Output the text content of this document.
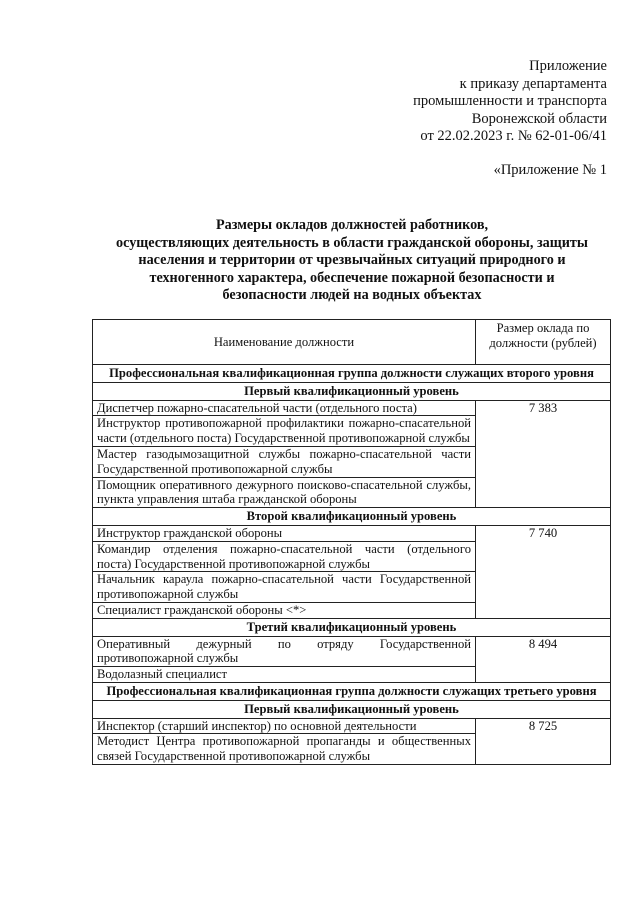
Приложение
к приказу департамента
промышленности и транспорта
Воронежской области
от 22.02.2023 г. № 62-01-06/41
«Приложение № 1
Размеры окладов должностей работников,
осуществляющих деятельность в области гражданской обороны, защиты
населения и территории от чрезвычайных ситуаций природного и
техногенного характера, обеспечение пожарной безопасности и
безопасности людей на водных объектах
Наименование должности	Размер оклада по должности (рублей)
Профессиональная квалификационная группа должности служащих второго уровня	
Первый квалификационный уровень	
Диспетчер пожарно-спасательной части (отдельного поста)	7 383
Инструктор противопожарной профилактики пожарно-спасательной части (отдельного поста) Государственной противопожарной службы	
Мастер газодымозащитной службы пожарно-спасательной части Государственной противопожарной службы	
Помощник оперативного дежурного поисково-спасательной службы, пункта управления штаба гражданской обороны	
Второй квалификационный уровень	
Инструктор гражданской обороны	7 740
Командир отделения пожарно-спасательной части (отдельного поста) Государственной противопожарной службы	
Начальник караула пожарно-спасательной части Государственной противопожарной службы	
Специалист гражданской обороны <*>	
Третий квалификационный уровень	
Оперативный дежурный по отряду Государственной противопожарной службы	8 494
Водолазный специалист	
Профессиональная квалификационная группа должности служащих третьего уровня	
Первый квалификационный уровень	
Инспектор (старший инспектор) по основной деятельности	8 725
Методист Центра противопожарной пропаганды и общественных связей Государственной противопожарной службы	
